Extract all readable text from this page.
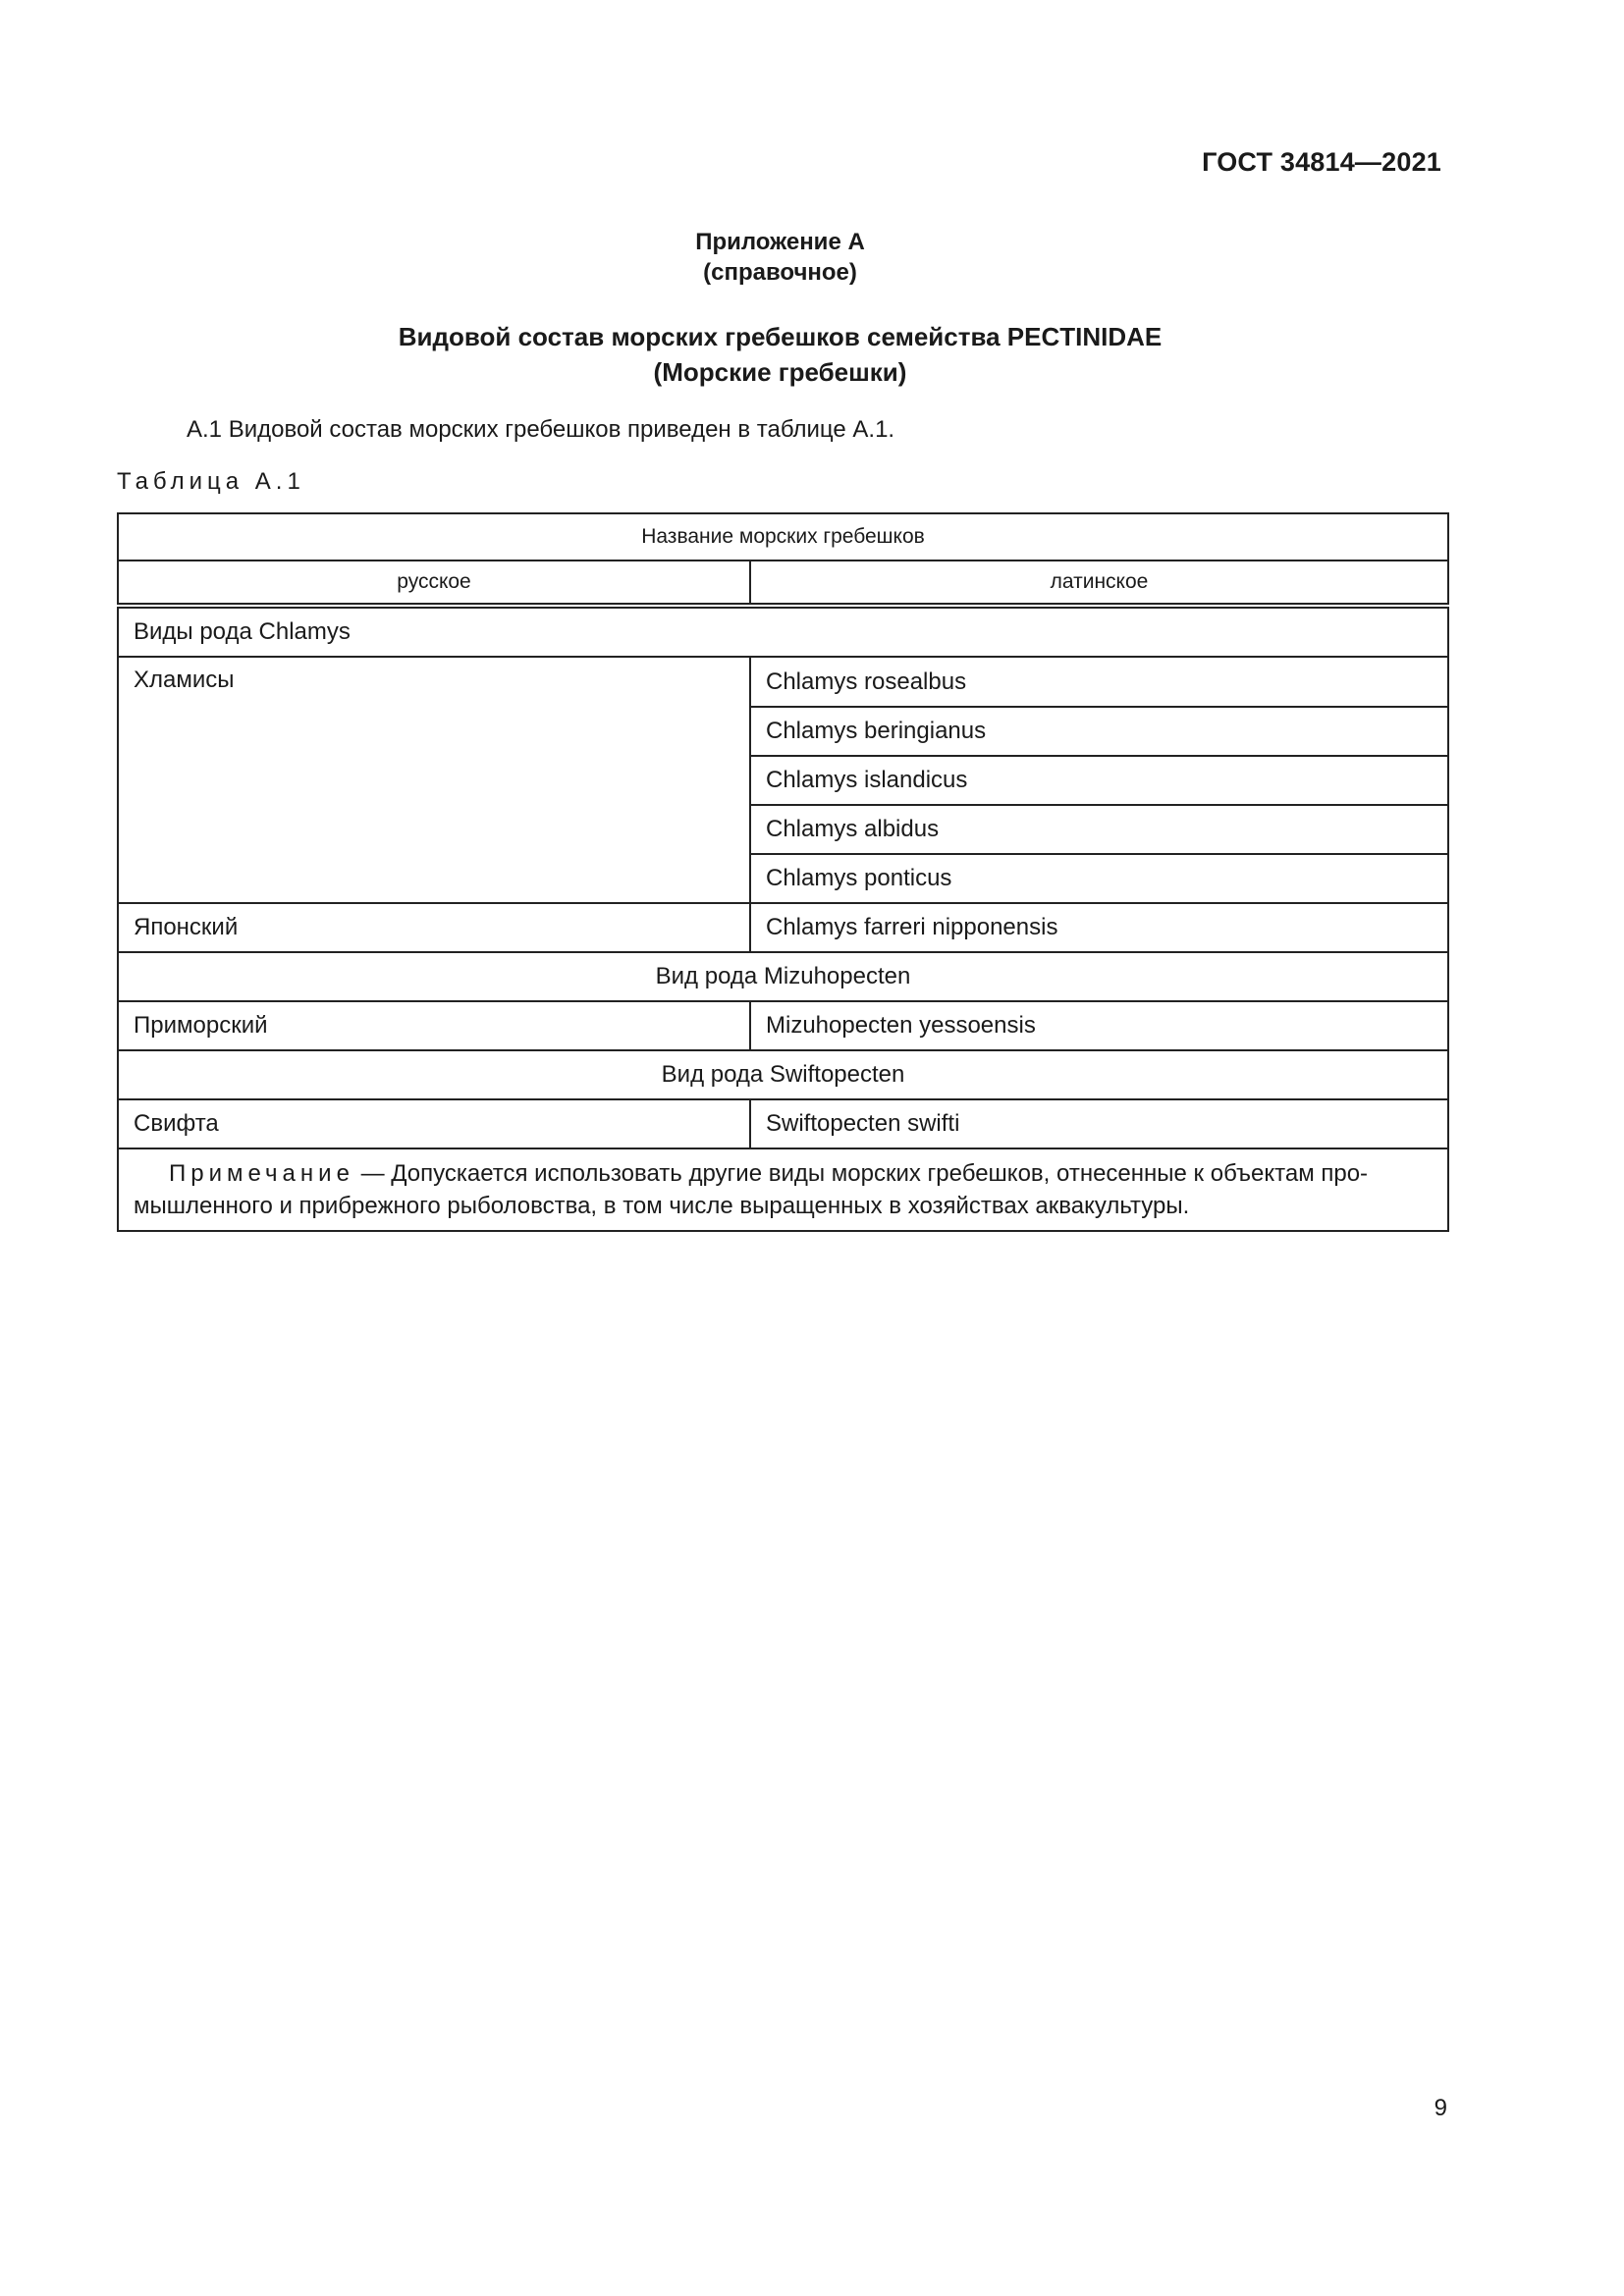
ГОСТ 34814—2021
Приложение А
(справочное)
Видовой состав морских гребешков семейства PECTINIDAE
(Морские гребешки)
А.1 Видовой состав морских гребешков приведен в таблице А.1.
Таблица А.1
Название морских гребешков	
русское	латинское
Виды рода Chlamys	
Хламисы	Chlamys rosealbus
	Chlamys beringianus
	Chlamys islandicus
	Chlamys albidus
	Chlamys ponticus
Японский	Chlamys farreri nipponensis
Вид рода Mizuhopecten	
Приморский	Mizuhopecten yessoensis
Вид рода Swiftopecten	
Свифта	Swiftopecten swifti

Примечание — Допускается использовать другие виды морских гребешков, отнесенные к объектам про-
мышленного и прибрежного рыболовства, в том числе выращенных в хозяйствах аквакультуры.	
9
